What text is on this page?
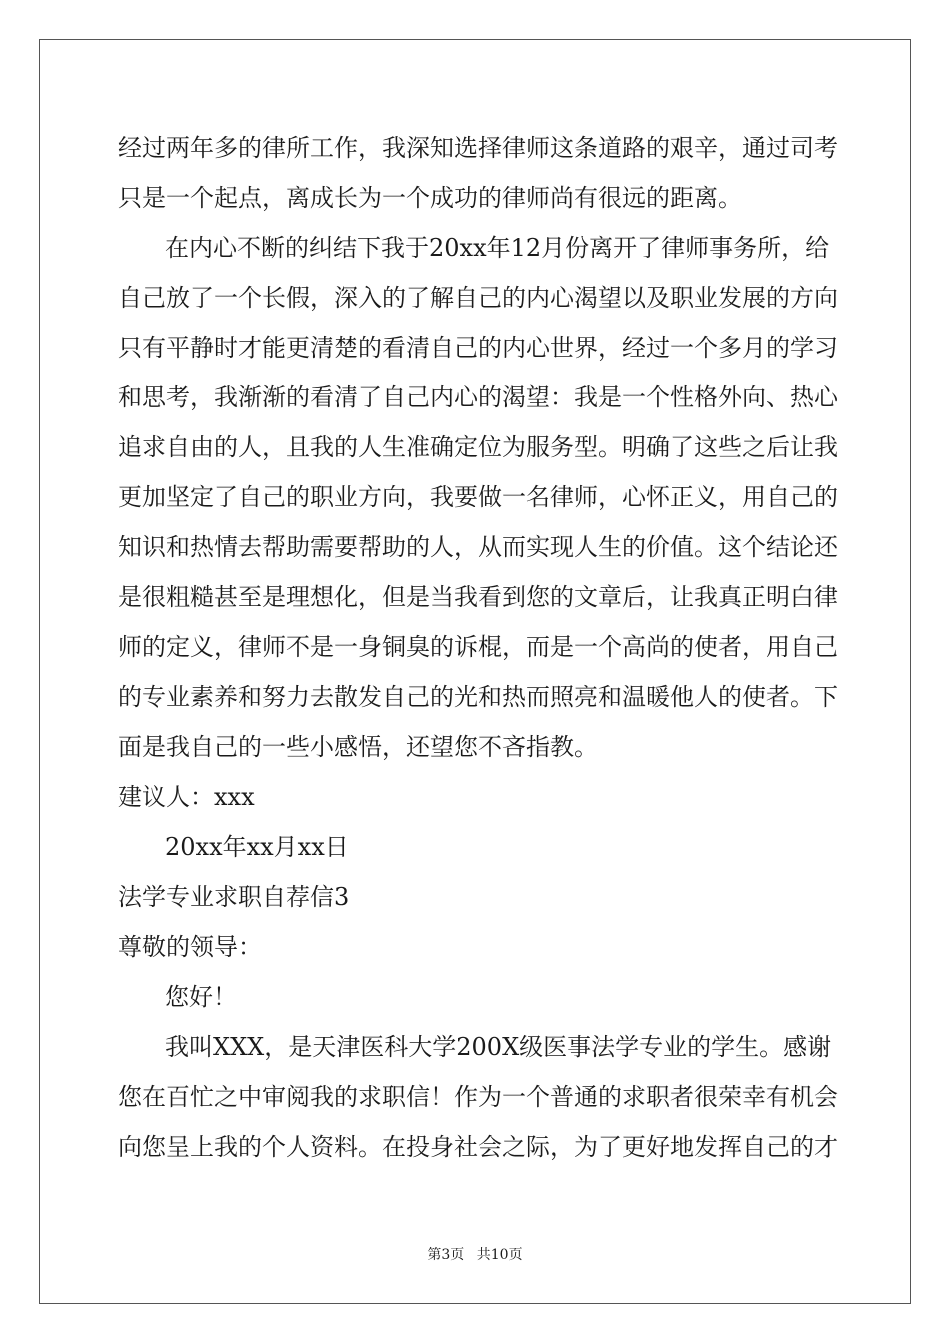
经过两年多的律所工作，我深知选择律师这条道路的艰辛，通过司考
只是一个起点，离成长为一个成功的律师尚有很远的距离。
在内心不断的纠结下我于20xx年12月份离开了律师事务所，给
自己放了一个长假，深入的了解自己的内心渴望以及职业发展的方向
只有平静时才能更清楚的看清自己的内心世界，经过一个多月的学习
和思考，我渐渐的看清了自己内心的渴望：我是一个性格外向、热心
追求自由的人，且我的人生准确定位为服务型。明确了这些之后让我
更加坚定了自己的职业方向，我要做一名律师，心怀正义，用自己的
知识和热情去帮助需要帮助的人，从而实现人生的价值。这个结论还
是很粗糙甚至是理想化，但是当我看到您的文章后，让我真正明白律
师的定义，律师不是一身铜臭的诉棍，而是一个高尚的使者，用自己
的专业素养和努力去散发自己的光和热而照亮和温暖他人的使者。下
面是我自己的一些小感悟，还望您不吝指教。
建议人：xxx
20xx年xx月xx日
法学专业求职自荐信3
尊敬的领导：
您好！
我叫XXX，是天津医科大学200X级医事法学专业的学生。感谢
您在百忙之中审阅我的求职信！作为一个普通的求职者很荣幸有机会
向您呈上我的个人资料。在投身社会之际，为了更好地发挥自己的才
第3页 共10页
